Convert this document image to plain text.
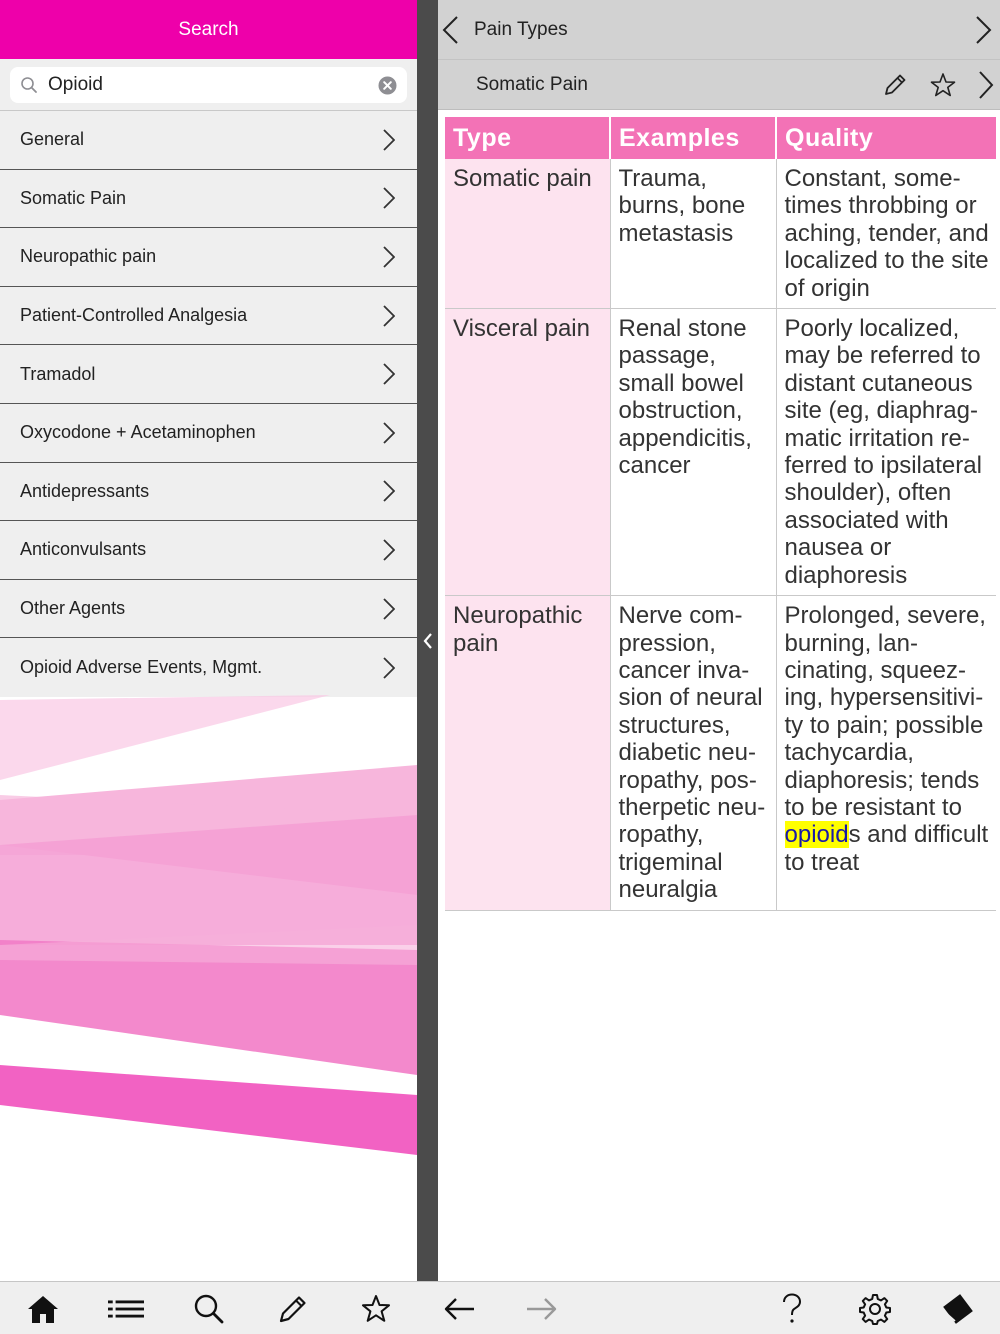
Search
Opioid
General
Somatic Pain
Neuropathic pain
Patient-Controlled Analgesia
Tramadol
Oxycodone + Acetaminophen
Antidepressants
Anticonvulsants
Other Agents
Opioid Adverse Events, Mgmt.
Pain Types
Somatic Pain
Type	Examples	Quality
Somatic pain	Trauma, burns, bone metastasis	Constant, sometimes throbbing or aching, tender, and localized to the site of origin
Visceral pain	Renal stone passage, small bowel obstruction, appendicitis, cancer	Poorly localized, may be referred to distant cutaneous site (eg, diaphragmatic irritation referred to ipsilateral shoulder), often associated with nausea or diaphoresis
Neuropathic pain	Nerve compression, cancer invasion of neural structures, diabetic neuropathy, postherpetic neuropathy, trigeminal neuralgia	Prolonged, severe, burning, lancinating, squeezing, hypersensitivity to pain; possible tachycardia, diaphoresis; tends to be resistant to opioids and difficult to treat
